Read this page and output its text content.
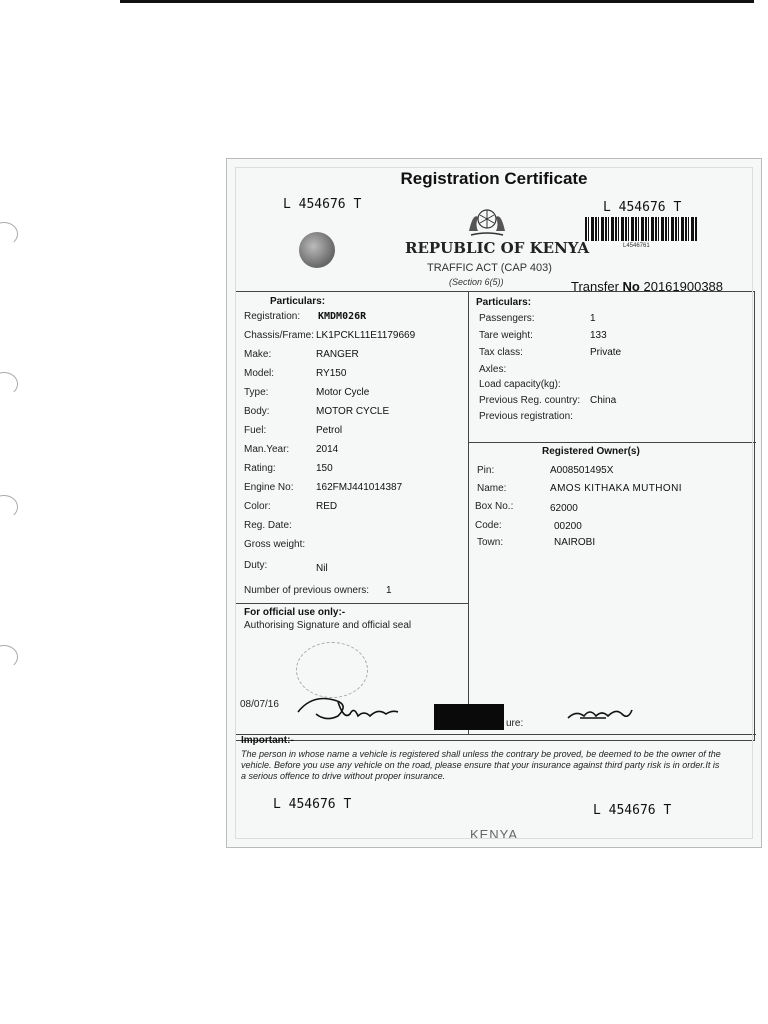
Registration Certificate
L 454676 T	L 454676 T
L4546761
REPUBLIC OF KENYA
TRAFFIC ACT (CAP 403)
(Section 6(5))	Transfer No 20161900388
Particulars:
Registration: KMDM026R
Chassis/Frame: LK1PCKL11E1179669
Make:	RANGER
Model:	RY150
Type:	Motor Cycle
Body:	MOTOR CYCLE
Fuel:	Petrol
Man.Year:	2014
Rating:	150
Engine No: 162FMJ441014387
Color:	RED
Reg. Date:
Gross weight:
Duty:	Nil
Number of previous owners: 1
For official use only:-
Authorising Signature and official seal
08/07/16
Particulars:
Passengers:	1
Tare weight:	133
Tax class:	Private
Axles:
Load capacity(kg):
Previous Reg. country: China
Previous registration:
Registered Owner(s)
Pin:	A008501495X
Name:	AMOS KITHAKA MUTHONI
Box No.:	62000
Code:	00200
Town:	NAIROBI
ure:
Important:-
The person in whose name a vehicle is registered shall unless the contrary be proved, be deemed to be the owner of the vehicle. Before you use any vehicle on the road, please ensure that your insurance against third party risk is in order.It is a serious offence to drive without proper insurance.
L 454676 T	L 454676 T
KENYA
